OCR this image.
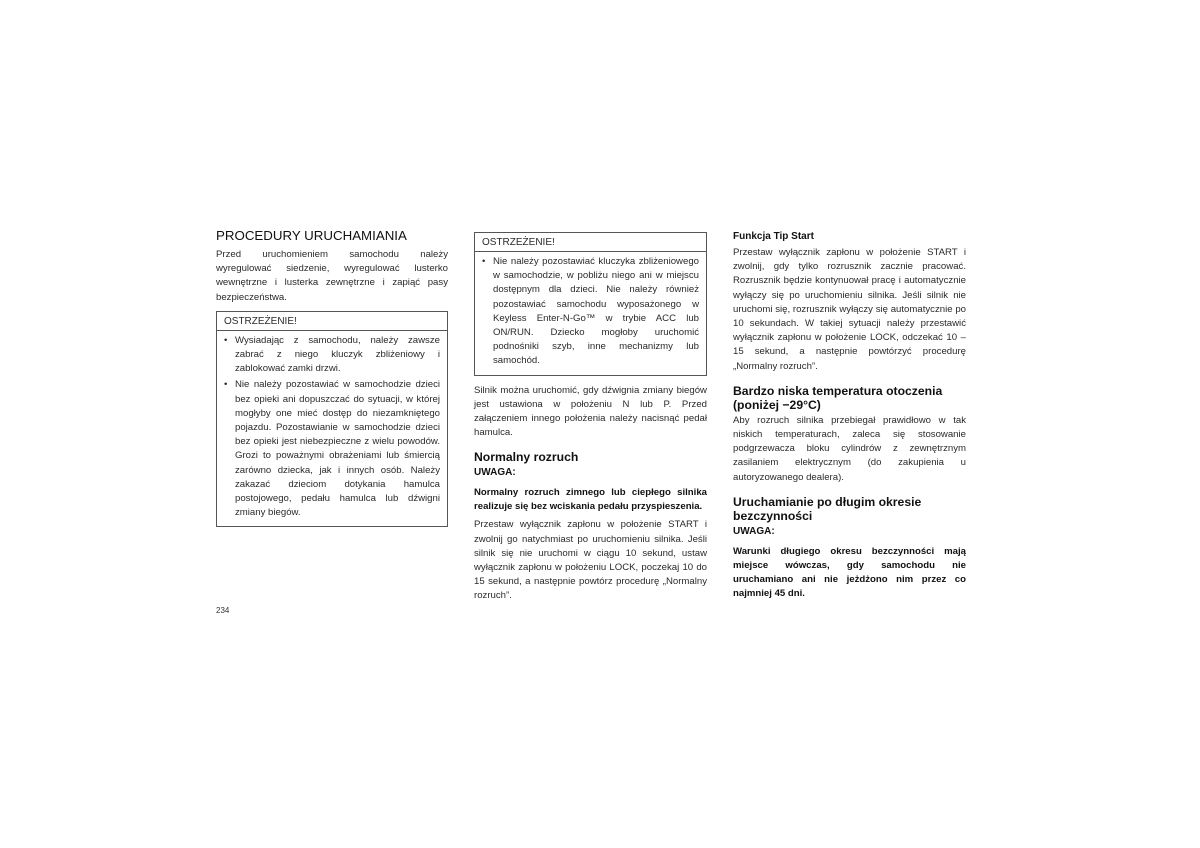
PROCEDURY URUCHAMIANIA

Przed uruchomieniem samochodu należy wyregulować siedzenie, wyregulować lusterko wewnętrzne i lusterka zewnętrzne i zapiąć pasy bezpieczeństwa.

OSTRZEŻENIE!
• Wysiadając z samochodu, należy zawsze zabrać z niego kluczyk zbliżeniowy i zablokować zamki drzwi.
• Nie należy pozostawiać w samochodzie dzieci bez opieki ani dopuszczać do sytuacji, w której mogłyby one mieć dostęp do niezamkniętego pojazdu. Pozostawianie w samochodzie dzieci bez opieki jest niebezpieczne z wielu powodów. Grozi to poważnymi obrażeniami lub śmiercią zarówno dziecka, jak i innych osób. Należy zakazać dzieciom dotykania hamulca postojowego, pedału hamulca lub dźwigni zmiany biegów.
OSTRZEŻENIE!
• Nie należy pozostawiać kluczyka zbliżeniowego w samochodzie, w pobliżu niego ani w miejscu dostępnym dla dzieci. Nie należy również pozostawiać samochodu wyposażonego w Keyless Enter-N-Go™ w trybie ACC lub ON/RUN. Dziecko mogłoby uruchomić podnośniki szyb, inne mechanizmy lub samochód.

Silnik można uruchomić, gdy dźwignia zmiany biegów jest ustawiona w położeniu N lub P. Przed załączeniem innego położenia należy nacisnąć pedał hamulca.

Normalny rozruch
UWAGA:

Normalny rozruch zimnego lub ciepłego silnika realizuje się bez wciskania pedału przyspieszenia.

Przestaw wyłącznik zapłonu w położenie START i zwolnij go natychmiast po uruchomieniu silnika. Jeśli silnik się nie uruchomi w ciągu 10 sekund, ustaw wyłącznik zapłonu w położeniu LOCK, poczekaj 10 do 15 sekund, a następnie powtórz procedurę „Normalny rozruch”.

Funkcja Tip Start

Przestaw wyłącznik zapłonu w położenie START i zwolnij, gdy tylko rozrusznik zacznie pracować. Rozrusznik będzie kontynuował pracę i automatycznie wyłączy się po uruchomieniu silnika. Jeśli silnik nie uruchomi się, rozrusznik wyłączy się automatycznie po 10 sekundach. W takiej sytuacji należy przestawić wyłącznik zapłonu w położenie LOCK, odczekać 10 – 15 sekund, a następnie powtórzyć procedurę „Normalny rozruch”.

Bardzo niska temperatura otoczenia (poniżej −29°C)

Aby rozruch silnika przebiegał prawidłowo w tak niskich temperaturach, zaleca się stosowanie podgrzewacza bloku cylindrów z zewnętrznym zasilaniem elektrycznym (do zakupienia u autoryzowanego dealera).

Uruchamianie po długim okresie bezczynności
UWAGA:

Warunki długiego okresu bezczynności mają miejsce wówczas, gdy samochodu nie uruchamiano ani nie jeżdżono nim przez co najmniej 45 dni.

234
